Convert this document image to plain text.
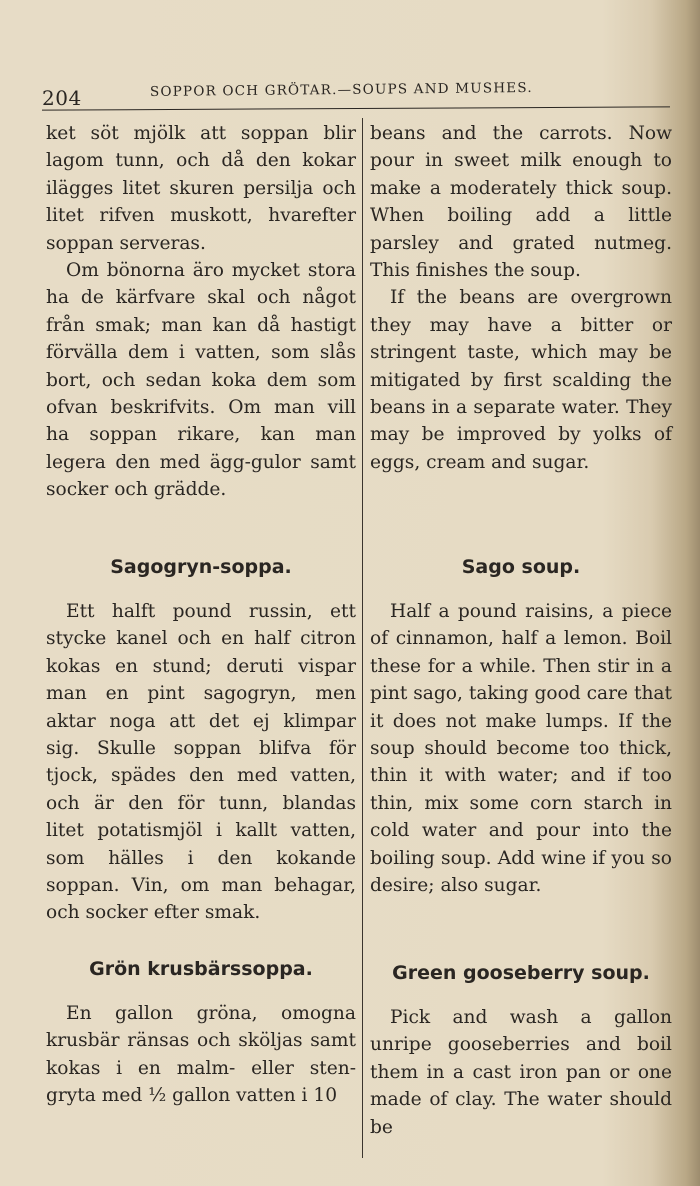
204	SOPPOR OCH GRÖTAR.—SOUPS AND MUSHES.

ket söt mjölk att soppan blir lagom tunn, och då den kokar ilägges litet skuren persilja och litet rifven muskott, hvarefter soppan serveras.

Om bönorna äro mycket stora ha de kärfvare skal och något från smak; man kan då hastigt förvälla dem i vatten, som slås bort, och sedan koka dem som ofvan beskrifvits. Om man vill ha soppan rikare, kan man legera den med ägg-gulor samt socker och grädde.

Sagogryn-soppa.

Ett halft pound russin, ett stycke kanel och en half citron kokas en stund; deruti vispar man en pint sagogryn, men aktar noga att det ej klimpar sig. Skulle soppan blifva för tjock, spädes den med vatten, och är den för tunn, blandas litet potatismjöl i kallt vatten, som hälles i den kokande soppan. Vin, om man behagar, och socker efter smak.

Grön krusbärssoppa.

En gallon gröna, omogna krusbär ränsas och sköljas samt kokas i en malm- eller sten-gryta med ½ gallon vatten i 10

beans and the carrots. Now pour in sweet milk enough to make a moderately thick soup. When boiling add a little parsley and grated nutmeg. This finishes the soup.

If the beans are overgrown they may have a bitter or stringent taste, which may be mitigated by first scalding the beans in a separate water. They may be improved by yolks of eggs, cream and sugar.

Sago soup.

Half a pound raisins, a piece of cinnamon, half a lemon. Boil these for a while. Then stir in a pint sago, taking good care that it does not make lumps. If the soup should become too thick, thin it with water; and if too thin, mix some corn starch in cold water and pour into the boiling soup. Add wine if you so desire; also sugar.

Green gooseberry soup.

Pick and wash a gallon unripe gooseberries and boil them in a cast iron pan or one made of clay. The water should be
